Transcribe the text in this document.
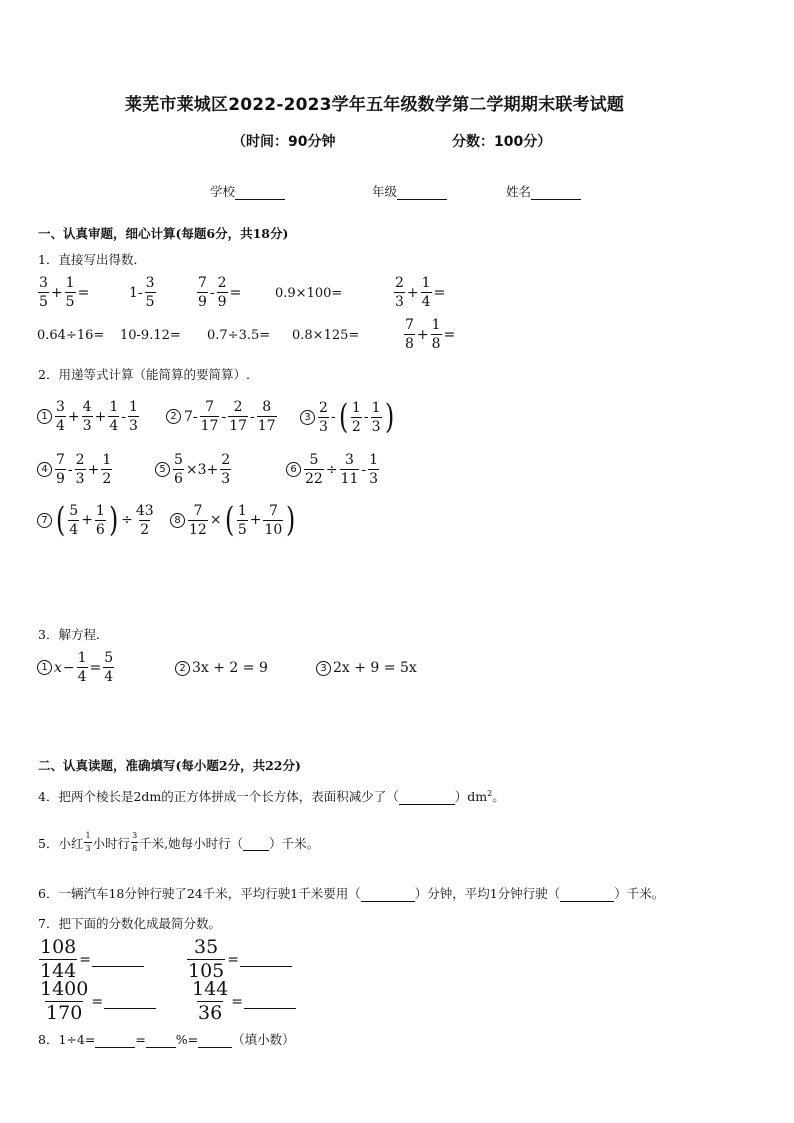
莱芜市莱城区2022-2023学年五年级数学第二学期期末联考试题
（时间：90分钟	分数：100分）
学校	年级	姓名
一、认真审题，细心计算(每题6分，共18分)
1．直接写出得数．
$\frac{3}{5} + \frac{1}{5}$ =	$1- \frac{3}{5}$	$\frac{7}{9} - \frac{2}{9}$ =	0.9×100=	$\frac{2}{3} + \frac{1}{4}$ =
0.64÷16= 10-9.12= 0.7÷3.5= 0.8×125=	$\frac{7}{8} + \frac{1}{8}$ =
2．用递等式计算（能简算的要简算）.
$1 \frac{3}{4} + \frac{4}{3} + \frac{1}{4} - \frac{1}{3}$	2 $7- \frac{7}{17} - \frac{2}{17} - \frac{8}{17}$	$3 \frac{2}{3}$ - ( $\frac{1}{2} - \frac{1}{3}$ )
$4 \frac{7}{9} - \frac{2}{3} + \frac{1}{2}$	$5 \frac{5}{6} \times 3+ \frac{2}{3}$	$6 \frac{5}{22} \div \frac{3}{11} - \frac{1}{3}$
7 ( $\frac{5}{4} + \frac{1}{6}$ ) ÷ $\frac{43}{2}$	$8 \frac{7}{12}$ × ( $\frac{1}{5} + \frac{7}{10}$ )
3．解方程．
1 $x - \frac{1}{4} = \frac{5}{4}$	2 3x + 2 = 9	3 2x + 9 = 5x
二、认真读题，准确填写(每小题2分，共22分)
4．把两个棱长是2dm的正方体拼成一个长方体，表面积减少了（	）$dm^2$。
5．小红 $\frac{1}{3}$ 小时行 $\frac{3}{8}$ 千米,她每小时行（
）千米。
6．一辆汽车18分钟行驶了24千米，平均行驶1千米要用（	）分钟，平均1分钟行驶（	）千米。
7．把下面的分数化成最简分数。
$\frac{108}{144}$ =	$\frac{35}{105}$ =
$\frac{1400}{170}$ =	$\frac{144}{36}$ =
8．1÷4=	= %=	（填小数）
